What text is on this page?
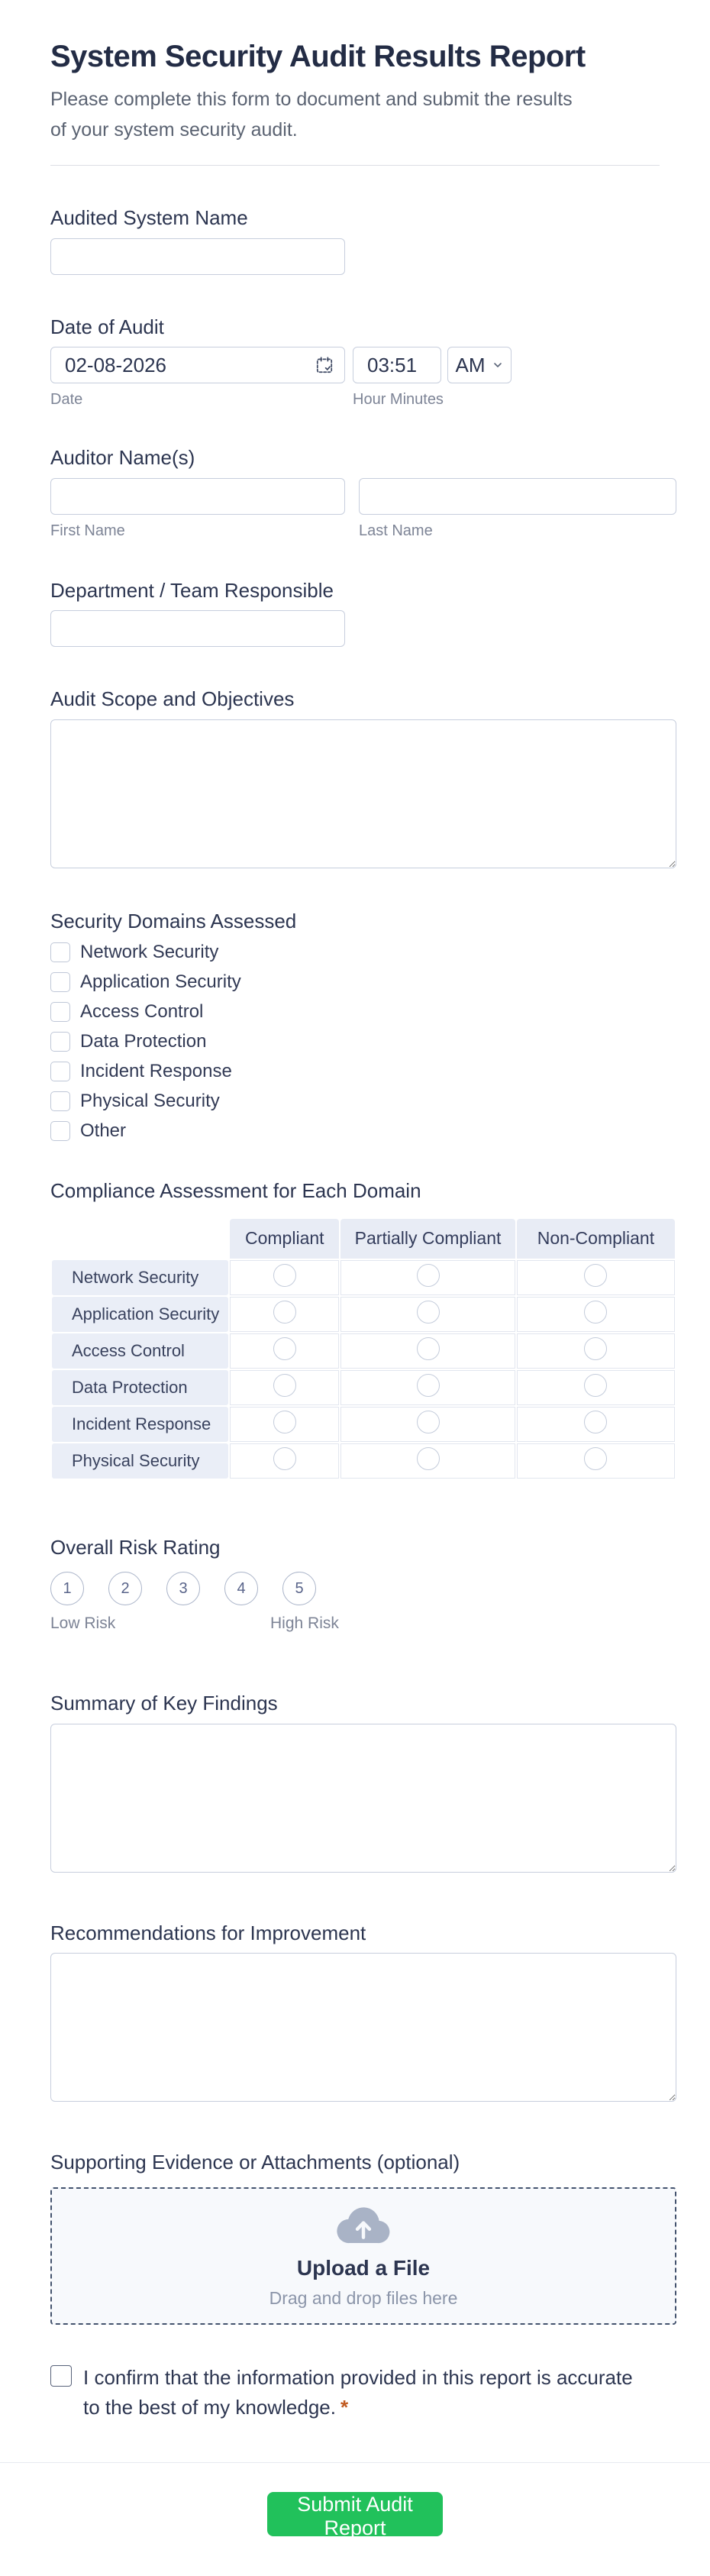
System Security Audit Results Report
Please complete this form to document and submit the results of your system security audit.
Audited System Name
Date of Audit
02-08-2026
03:51
AM
Date	Hour Minutes
Auditor Name(s)
First Name	Last Name
Department / Team Responsible
Audit Scope and Objectives
Security Domains Assessed
Network Security
Application Security
Access Control
Data Protection
Incident Response
Physical Security
Other
Compliance Assessment for Each Domain
	Compliant	Partially Compliant	Non-Compliant
Network Security			
Application Security			
Access Control			
Data Protection			
Incident Response			
Physical Security			
Overall Risk Rating
1	2	3	4	5
Low Risk	High Risk
Summary of Key Findings
Recommendations for Improvement
Supporting Evidence or Attachments (optional)
Upload a File
Drag and drop files here
I confirm that the information provided in this report is accurate to the best of my knowledge. *
Submit Audit Report
